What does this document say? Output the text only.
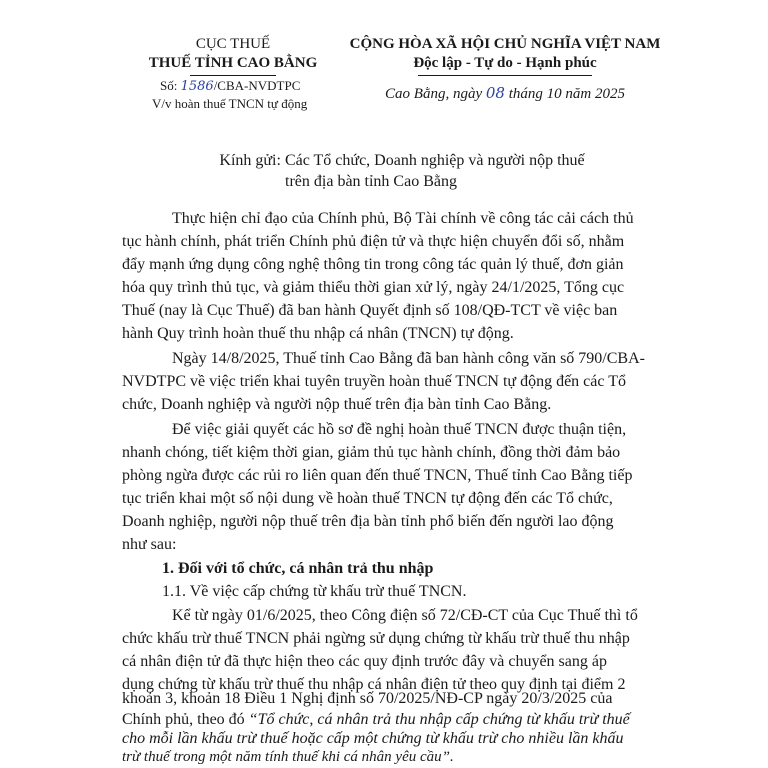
CỤC THUẾ
THUẾ TỈNH CAO BẰNG
Số: 1586/CBA-NVDTPC
V/v hoàn thuế TNCN tự động
CỘNG HÒA XÃ HỘI CHỦ NGHĨA VIỆT NAM
Độc lập - Tự do - Hạnh phúc
Cao Bằng, ngày 08 tháng 10 năm 2025
Kính gửi: Các Tổ chức, Doanh nghiệp và người nộp thuế
trên địa bàn tỉnh Cao Bằng
Thực hiện chỉ đạo của Chính phủ, Bộ Tài chính về công tác cải cách thủ
tục hành chính, phát triển Chính phủ điện tử và thực hiện chuyển đổi số, nhằm
đẩy mạnh ứng dụng công nghệ thông tin trong công tác quản lý thuế, đơn giản
hóa quy trình thủ tục, và giảm thiểu thời gian xử lý, ngày 24/1/2025, Tổng cục
Thuế (nay là Cục Thuế) đã ban hành Quyết định số 108/QĐ-TCT về việc ban
hành Quy trình hoàn thuế thu nhập cá nhân (TNCN) tự động.
Ngày 14/8/2025, Thuế tỉnh Cao Bằng đã ban hành công văn số 790/CBA-
NVDTPC về việc triển khai tuyên truyền hoàn thuế TNCN tự động đến các Tổ
chức, Doanh nghiệp và người nộp thuế trên địa bàn tỉnh Cao Bằng.
Để việc giải quyết các hồ sơ đề nghị hoàn thuế TNCN được thuận tiện,
nhanh chóng, tiết kiệm thời gian, giảm thủ tục hành chính, đồng thời đảm bảo
phòng ngừa được các rủi ro liên quan đến thuế TNCN, Thuế tỉnh Cao Bằng tiếp
tục triển khai một số nội dung về hoàn thuế TNCN tự động đến các Tổ chức,
Doanh nghiệp, người nộp thuế trên địa bàn tỉnh phổ biến đến người lao động
như sau:
1. Đối với tổ chức, cá nhân trả thu nhập
1.1. Về việc cấp chứng từ khấu trừ thuế TNCN.
Kể từ ngày 01/6/2025, theo Công điện số 72/CĐ-CT của Cục Thuế thì tổ
chức khấu trừ thuế TNCN phải ngừng sử dụng chứng từ khấu trừ thuế thu nhập
cá nhân điện tử đã thực hiện theo các quy định trước đây và chuyển sang áp
dụng chứng từ khấu trừ thuế thu nhập cá nhân điện tử theo quy định tại điểm 2
khoản 3, khoản 18 Điều 1 Nghị định số 70/2025/NĐ-CP ngày 20/3/2025 của
Chính phủ, theo đó “Tổ chức, cá nhân trả thu nhập cấp chứng từ khấu trừ thuế
cho mỗi lần khấu trừ thuế hoặc cấp một chứng từ khấu trừ cho nhiều lần khấu
trừ thuế trong một năm tính thuế khi cá nhân yêu cầu”.
